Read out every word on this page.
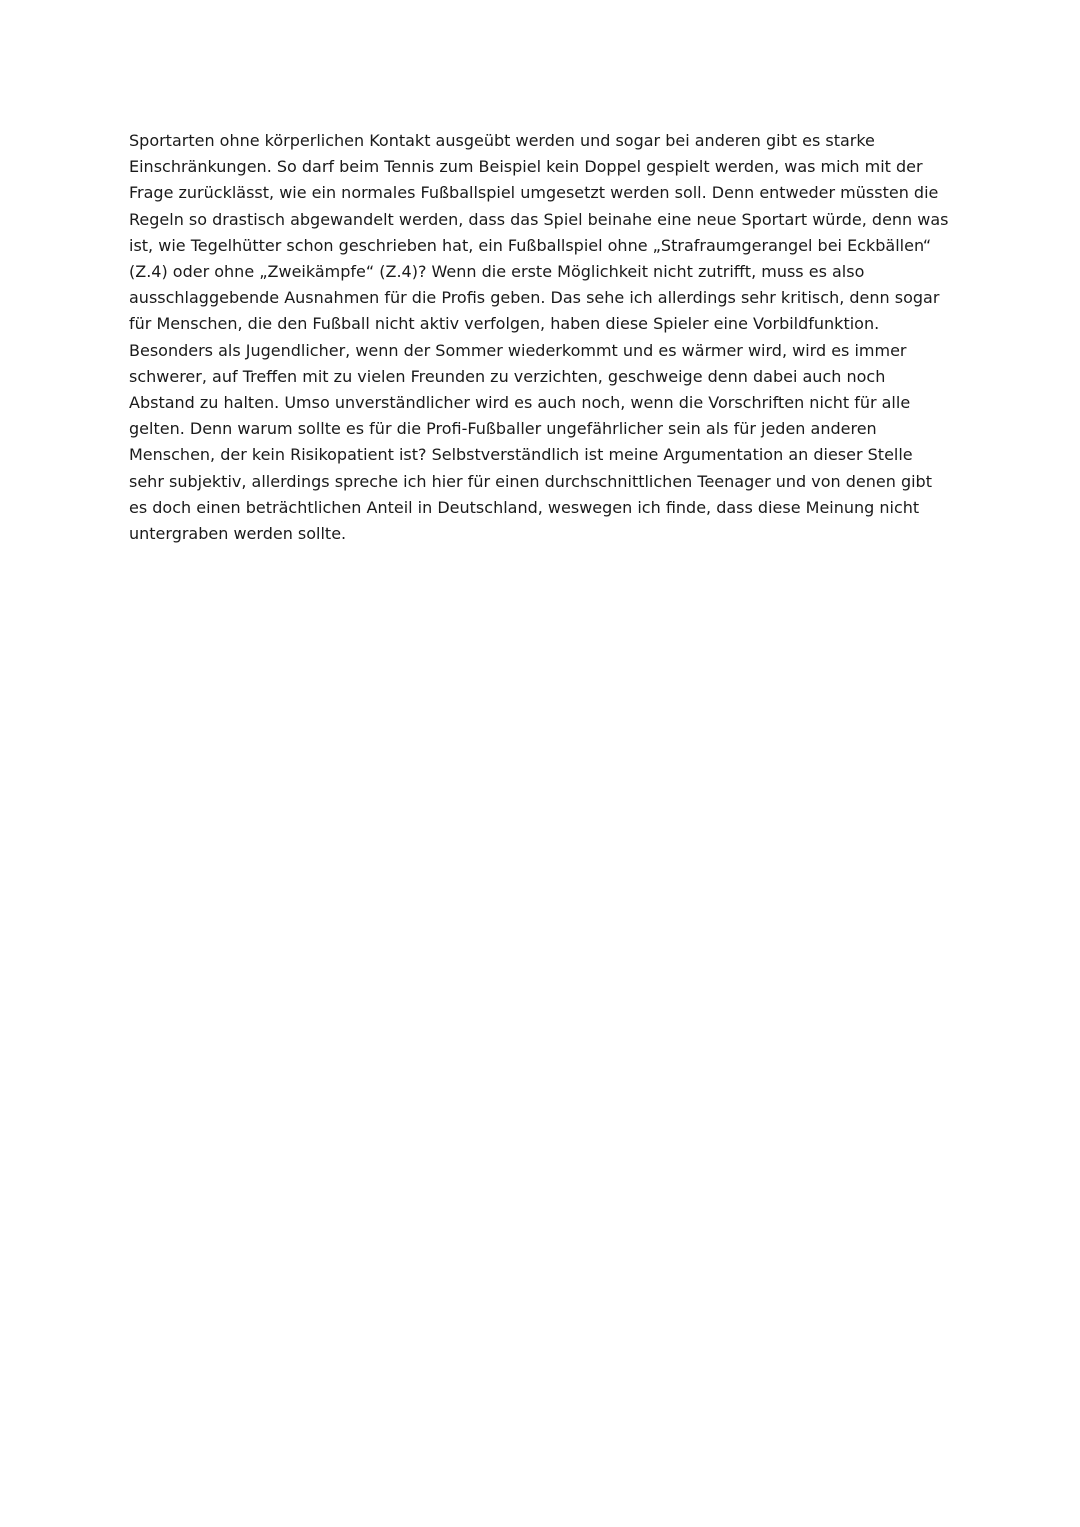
Sportarten ohne körperlichen Kontakt ausgeübt werden und sogar bei anderen gibt es starke
Einschränkungen. So darf beim Tennis zum Beispiel kein Doppel gespielt werden, was mich mit der
Frage zurücklässt, wie ein normales Fußballspiel umgesetzt werden soll. Denn entweder müssten die
Regeln so drastisch abgewandelt werden, dass das Spiel beinahe eine neue Sportart würde, denn was
ist, wie Tegelhütter schon geschrieben hat, ein Fußballspiel ohne „Strafraumgerangel bei Eckbällen“
(Z.4) oder ohne „Zweikämpfe“ (Z.4)? Wenn die erste Möglichkeit nicht zutrifft, muss es also
ausschlaggebende Ausnahmen für die Profis geben. Das sehe ich allerdings sehr kritisch, denn sogar
für Menschen, die den Fußball nicht aktiv verfolgen, haben diese Spieler eine Vorbildfunktion.
Besonders als Jugendlicher, wenn der Sommer wiederkommt und es wärmer wird, wird es immer
schwerer, auf Treffen mit zu vielen Freunden zu verzichten, geschweige denn dabei auch noch
Abstand zu halten. Umso unverständlicher wird es auch noch, wenn die Vorschriften nicht für alle
gelten. Denn warum sollte es für die Profi-Fußballer ungefährlicher sein als für jeden anderen
Menschen, der kein Risikopatient ist? Selbstverständlich ist meine Argumentation an dieser Stelle
sehr subjektiv, allerdings spreche ich hier für einen durchschnittlichen Teenager und von denen gibt
es doch einen beträchtlichen Anteil in Deutschland, weswegen ich finde, dass diese Meinung nicht
untergraben werden sollte.
